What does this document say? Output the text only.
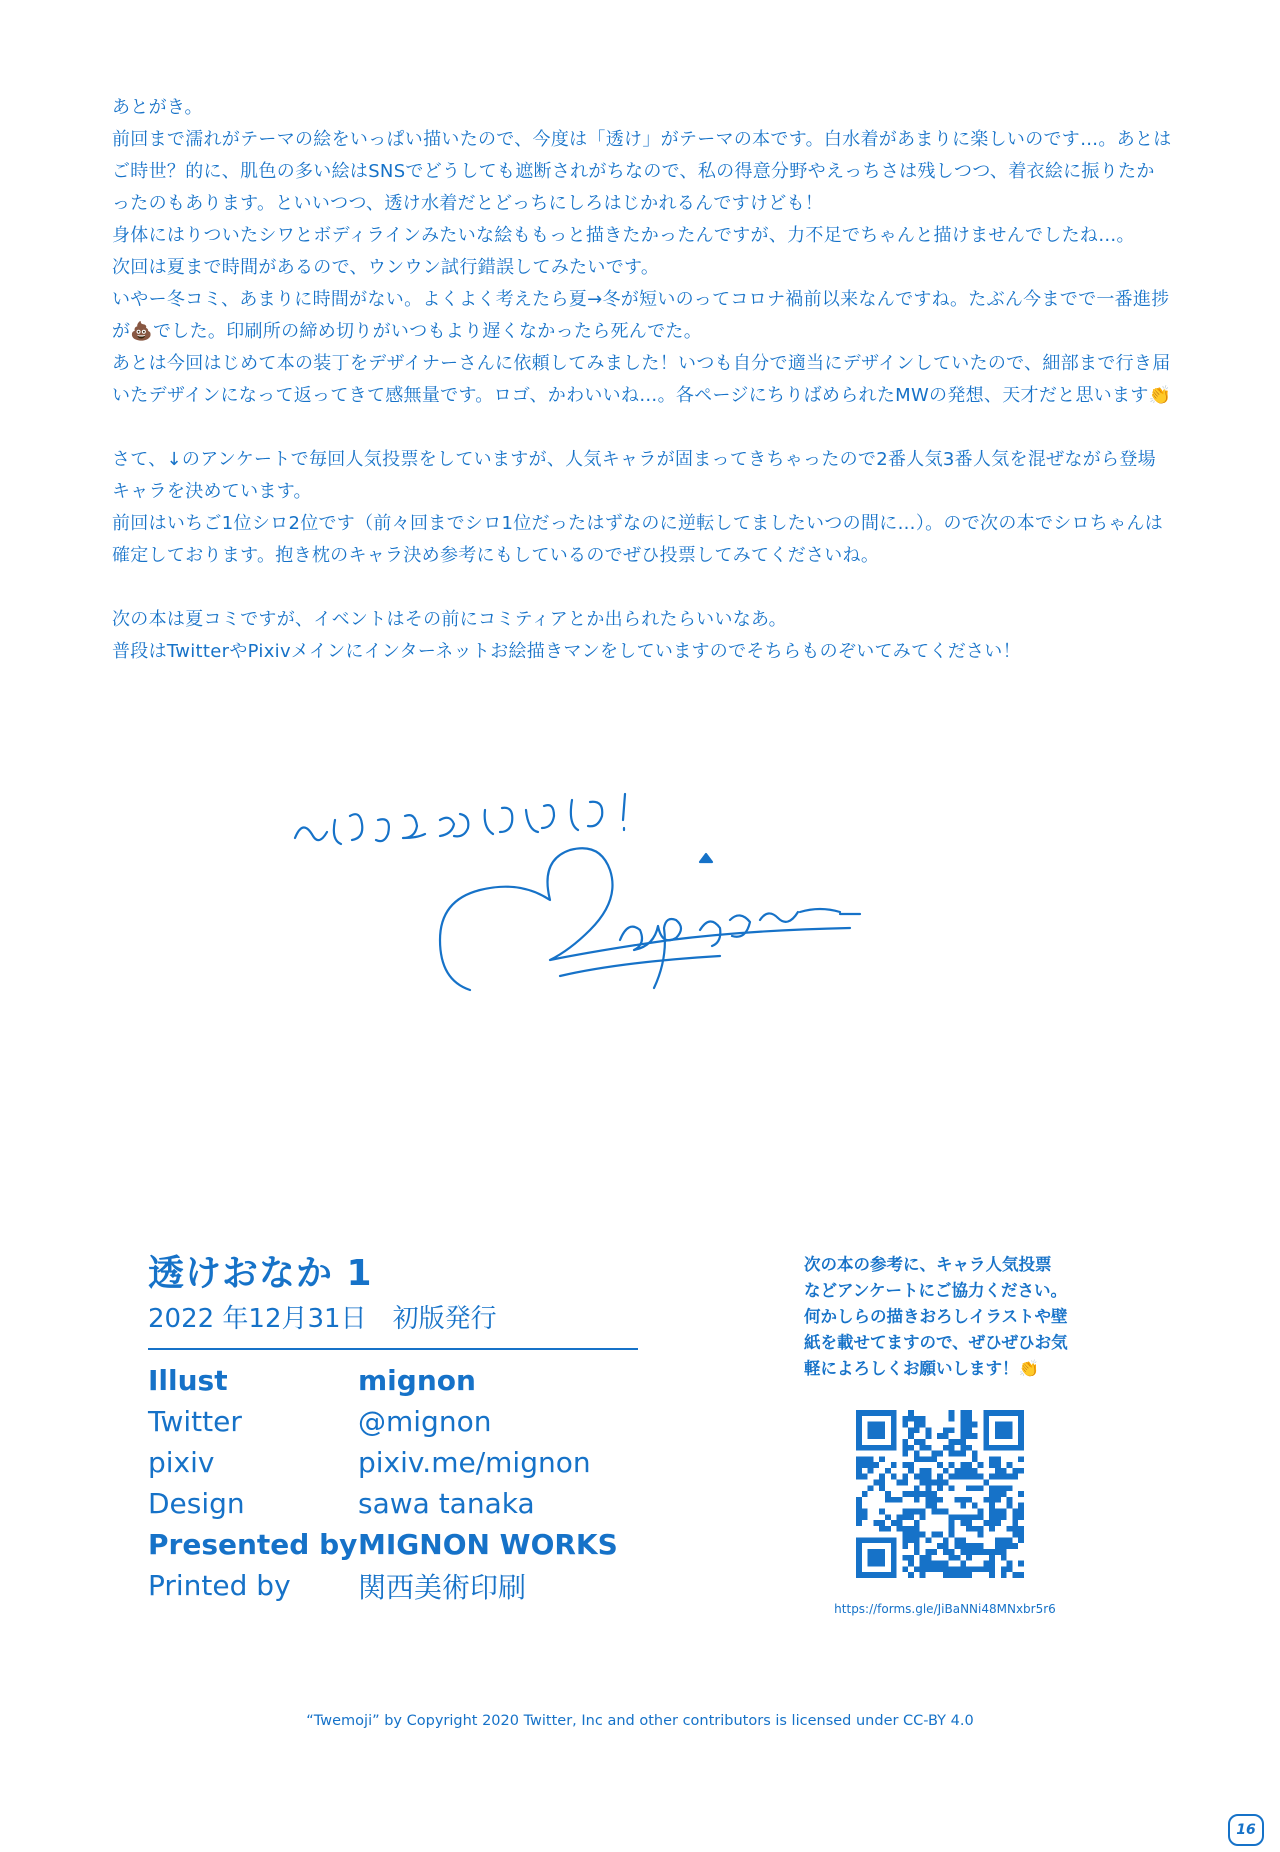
あとがき。
前回まで濡れがテーマの絵をいっぱい描いたので、今度は「透け」がテーマの本です。白水着があまりに楽しいのです…。あとはご時世？的に、肌色の多い絵はSNSでどうしても遮断されがちなので、私の得意分野やえっちさは残しつつ、着衣絵に振りたかったのもあります。といいつつ、透け水着だとどっちにしろはじかれるんですけども！
身体にはりついたシワとボディラインみたいな絵ももっと描きたかったんですが、力不足でちゃんと描けませんでしたね…。
次回は夏まで時間があるので、ウンウン試行錯誤してみたいです。
いやー冬コミ、あまりに時間がない。よくよく考えたら夏→冬が短いのってコロナ禍前以来なんですね。たぶん今までで一番進捗が💩でした。印刷所の締め切りがいつもより遅くなかったら死んでた。
あとは今回はじめて本の装丁をデザイナーさんに依頼してみました！いつも自分で適当にデザインしていたので、細部まで行き届いたデザインになって返ってきて感無量です。ロゴ、かわいいね…。各ページにちりばめられたMWの発想、天才だと思います👏

さて、↓のアンケートで毎回人気投票をしていますが、人気キャラが固まってきちゃったので2番人気3番人気を混ぜながら登場キャラを決めています。
前回はいちご1位シロ2位です（前々回までシロ1位だったはずなのに逆転してましたいつの間に…）。ので次の本でシロちゃんは確定しております。抱き枕のキャラ決め参考にもしているのでぜひ投票してみてくださいね。

次の本は夏コミですが、イベントはその前にコミティアとか出られたらいいなあ。
普段はTwitterやPixivメインにインターネットお絵描きマンをしていますのでそちらものぞいてみてください！

透けおなか 1

2022 年12月31日　初版発行

Illust	mignon
Twitter	@mignon
pixiv	pixiv.me/mignon
Design	sawa tanaka
Presented by MIGNON WORKS
Printed by	関西美術印刷
次の本の参考に、キャラ人気投票
などアンケートにご協力ください。
何かしらの描きおろしイラストや壁
紙を載せてますので、ぜひぜひお気
軽によろしくお願いします！👏
https://forms.gle/JiBaNNi48MNxbr5r6
“Twemoji” by Copyright 2020 Twitter, Inc and other contributors is licensed under CC-BY 4.0
16
